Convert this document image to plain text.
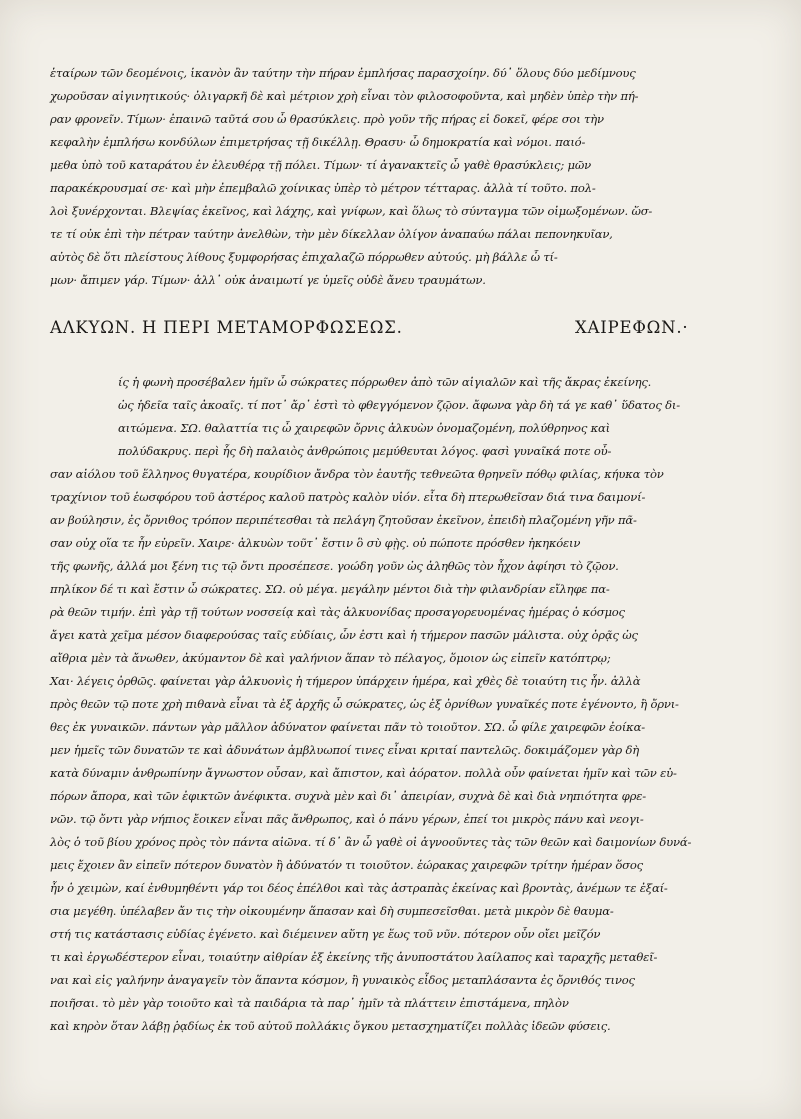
ἑταίρων τῶν δεομένοις, ἱκανὸν ἂν ταύτην τὴν πήραν ἐμπλήσας παρασχοίην. δύ᾽ ὅλους δύο μεδίμνους
χωροῦσαν αἰγινητικούς· ὀλιγαρκῆ δὲ καὶ μέτριον χρὴ εἶναι τὸν φιλοσοφοῦντα, καὶ μηδὲν ὑπὲρ τὴν πή-
ραν φρονεῖν. Τίμων· ἐπαινῶ ταῦτά σου ὦ θρασύκλεις. πρὸ γοῦν τῆς πήρας εἰ δοκεῖ, φέρε σοι τὴν
κεφαλὴν ἐμπλήσω κονδύλων ἐπιμετρήσας τῇ δικέλλῃ. Θρασυ· ὦ δημοκρατία καὶ νόμοι. παιό-
μεθα ὑπὸ τοῦ καταράτου ἐν ἐλευθέρᾳ τῇ πόλει. Τίμων· τί ἀγανακτεῖς ὦ γαθὲ θρασύκλεις; μῶν
παρακέκρουσμαί σε· καὶ μὴν ἐπεμβαλῶ χοίνικας ὑπὲρ τὸ μέτρον τέτταρας. ἀλλὰ τί τοῦτο. πολ-
λοὶ ξυνέρχονται. Βλεψίας ἐκεῖνος, καὶ λάχης, καὶ γνίφων, καὶ ὅλως τὸ σύνταγμα τῶν οἰμωξομένων. ὥσ-
τε τί οὐκ ἐπὶ τὴν πέτραν ταύτην ἀνελθὼν, τὴν μὲν δίκελλαν ὀλίγον ἀναπαύω πάλαι πεπονηκυῖαν,
αὐτὸς δὲ ὅτι πλείστους λίθους ξυμφορήσας ἐπιχαλαζῶ πόρρωθεν αὐτούς. μὴ βάλλε ὦ τί-
μων· ἄπιμεν γάρ. Τίμων· ἀλλ᾽ οὐκ ἀναιμωτί γε ὑμεῖς οὐδὲ ἄνευ τραυμάτων.
ΑΛΚΥΩΝ. Η ΠΕΡΙ ΜΕΤΑΜΟΡΦΩΣΕΩΣ.	ΧΑΙΡΕΦΩΝ.·
ίς ἡ φωνὴ προσέβαλεν ἡμῖν ὦ σώκρατες πόρρωθεν ἀπὸ τῶν αἰγιαλῶν καὶ τῆς ἄκρας ἐκείνης.
ὡς ἡδεῖα ταῖς ἀκοαῖς. τί ποτ᾽ ἄρ᾽ ἐστὶ τὸ φθεγγόμενον ζῷον. ἄφωνα γὰρ δὴ τά γε καθ᾽ ὕδατος δι-
αιτώμενα. ΣΩ. θαλαττία τις ὦ χαιρεφῶν ὄρνις ἀλκυὼν ὀνομαζομένη, πολύθρηνος καὶ
πολύδακρυς. περὶ ἧς δὴ παλαιὸς ἀνθρώποις μεμύθευται λόγος. φασὶ γυναῖκά ποτε οὖ-
σαν αἰόλου τοῦ ἕλληνος θυγατέρα, κουρίδιον ἄνδρα τὸν ἑαυτῆς τεθνεῶτα θρηνεῖν πόθῳ φιλίας, κήυκα τὸν
τραχίνιον τοῦ ἑωσφόρου τοῦ ἀστέρος καλοῦ πατρὸς καλὸν υἱόν. εἶτα δὴ πτερωθεῖσαν διά τινα δαιμονί-
αν βούλησιν, ἐς ὄρνιθος τρόπον περιπέτεσθαι τὰ πελάγη ζητοῦσαν ἐκεῖνον, ἐπειδὴ πλαζομένη γῆν πᾶ-
σαν οὐχ οἵα τε ἦν εὑρεῖν. Χαιρε· ἀλκυὼν τοῦτ᾽ ἔστιν ὃ σὺ φῂς. οὐ πώποτε πρόσθεν ἠκηκόειν
τῆς φωνῆς, ἀλλά μοι ξένη τις τῷ ὄντι προσέπεσε. γοώδη γοῦν ὡς ἀληθῶς τὸν ἦχον ἀφίησι τὸ ζῷον.
πηλίκον δέ τι καὶ ἔστιν ὦ σώκρατες. ΣΩ. οὐ μέγα. μεγάλην μέντοι διὰ τὴν φιλανδρίαν εἴληφε πα-
ρὰ θεῶν τιμήν. ἐπὶ γὰρ τῇ τούτων νοσσείᾳ καὶ τὰς ἀλκυονίδας προσαγορευομένας ἡμέρας ὁ κόσμος
ἄγει κατὰ χεῖμα μέσον διαφερούσας ταῖς εὐδίαις, ὧν ἐστι καὶ ἡ τήμερον πασῶν μάλιστα. οὐχ ὁρᾷς ὡς
αἴθρια μὲν τὰ ἄνωθεν, ἀκύμαντον δὲ καὶ γαλήνιον ἅπαν τὸ πέλαγος, ὅμοιον ὡς εἰπεῖν κατόπτρῳ;
Χαι· λέγεις ὀρθῶς. φαίνεται γὰρ ἀλκυονὶς ἡ τήμερον ὑπάρχειν ἡμέρα, καὶ χθὲς δὲ τοιαύτη τις ἦν. ἀλλὰ
πρὸς θεῶν τῷ ποτε χρὴ πιθανὰ εἶναι τὰ ἐξ ἀρχῆς ὦ σώκρατες, ὡς ἐξ ὀρνίθων γυναῖκές ποτε ἐγένοντο, ἢ ὄρνι-
θες ἐκ γυναικῶν. πάντων γὰρ μᾶλλον ἀδύνατον φαίνεται πᾶν τὸ τοιοῦτον. ΣΩ. ὦ φίλε χαιρεφῶν ἐοίκα-
μεν ἡμεῖς τῶν δυνατῶν τε καὶ ἀδυνάτων ἀμβλυωποί τινες εἶναι κριταί παντελῶς. δοκιμάζομεν γὰρ δὴ
κατὰ δύναμιν ἀνθρωπίνην ἄγνωστον οὖσαν, καὶ ἄπιστον, καὶ ἀόρατον. πολλὰ οὖν φαίνεται ἡμῖν καὶ τῶν εὐ-
πόρων ἄπορα, καὶ τῶν ἐφικτῶν ἀνέφικτα. συχνὰ μὲν καὶ δι᾽ ἀπειρίαν, συχνὰ δὲ καὶ διὰ νηπιότητα φρε-
νῶν. τῷ ὄντι γὰρ νήπιος ἔοικεν εἶναι πᾶς ἄνθρωπος, καὶ ὁ πάνυ γέρων, ἐπεί τοι μικρὸς πάνυ καὶ νεογι-
λὸς ὁ τοῦ βίου χρόνος πρὸς τὸν πάντα αἰῶνα. τί δ᾽ ἂν ὦ γαθὲ οἱ ἀγνοοῦντες τὰς τῶν θεῶν καὶ δαιμονίων δυνά-
μεις ἔχοιεν ἂν εἰπεῖν πότερον δυνατὸν ἢ ἀδύνατόν τι τοιοῦτον. ἑώρακας χαιρεφῶν τρίτην ἡμέραν ὅσος
ἦν ὁ χειμὼν, καί ἐνθυμηθέντι γάρ τοι δέος ἐπέλθοι καὶ τὰς ἀστραπὰς ἐκείνας καὶ βροντὰς, ἀνέμων τε ἐξαί-
σια μεγέθη. ὑπέλαβεν ἄν τις τὴν οἰκουμένην ἅπασαν καὶ δὴ συμπεσεῖσθαι. μετὰ μικρὸν δὲ θαυμα-
στή τις κατάστασις εὐδίας ἐγένετο. καὶ διέμεινεν αὕτη γε ἕως τοῦ νῦν. πότερον οὖν οἴει μεῖζόν
τι καὶ ἐργωδέστερον εἶναι, τοιαύτην αἰθρίαν ἐξ ἐκείνης τῆς ἀνυποστάτου λαίλαπος καὶ ταραχῆς μεταθεῖ-
ναι καὶ εἰς γαλήνην ἀναγαγεῖν τὸν ἅπαντα κόσμον, ἢ γυναικὸς εἶδος μεταπλάσαντα ἐς ὄρνιθός τινος
ποιῆσαι. τὸ μὲν γὰρ τοιοῦτο καὶ τὰ παιδάρια τὰ παρ᾽ ἡμῖν τὰ πλάττειν ἐπιστάμενα, πηλὸν
καὶ κηρὸν ὅταν λάβῃ ῥᾳδίως ἐκ τοῦ αὐτοῦ πολλάκις ὄγκου μετασχηματίζει πολλὰς ἰδεῶν φύσεις.
